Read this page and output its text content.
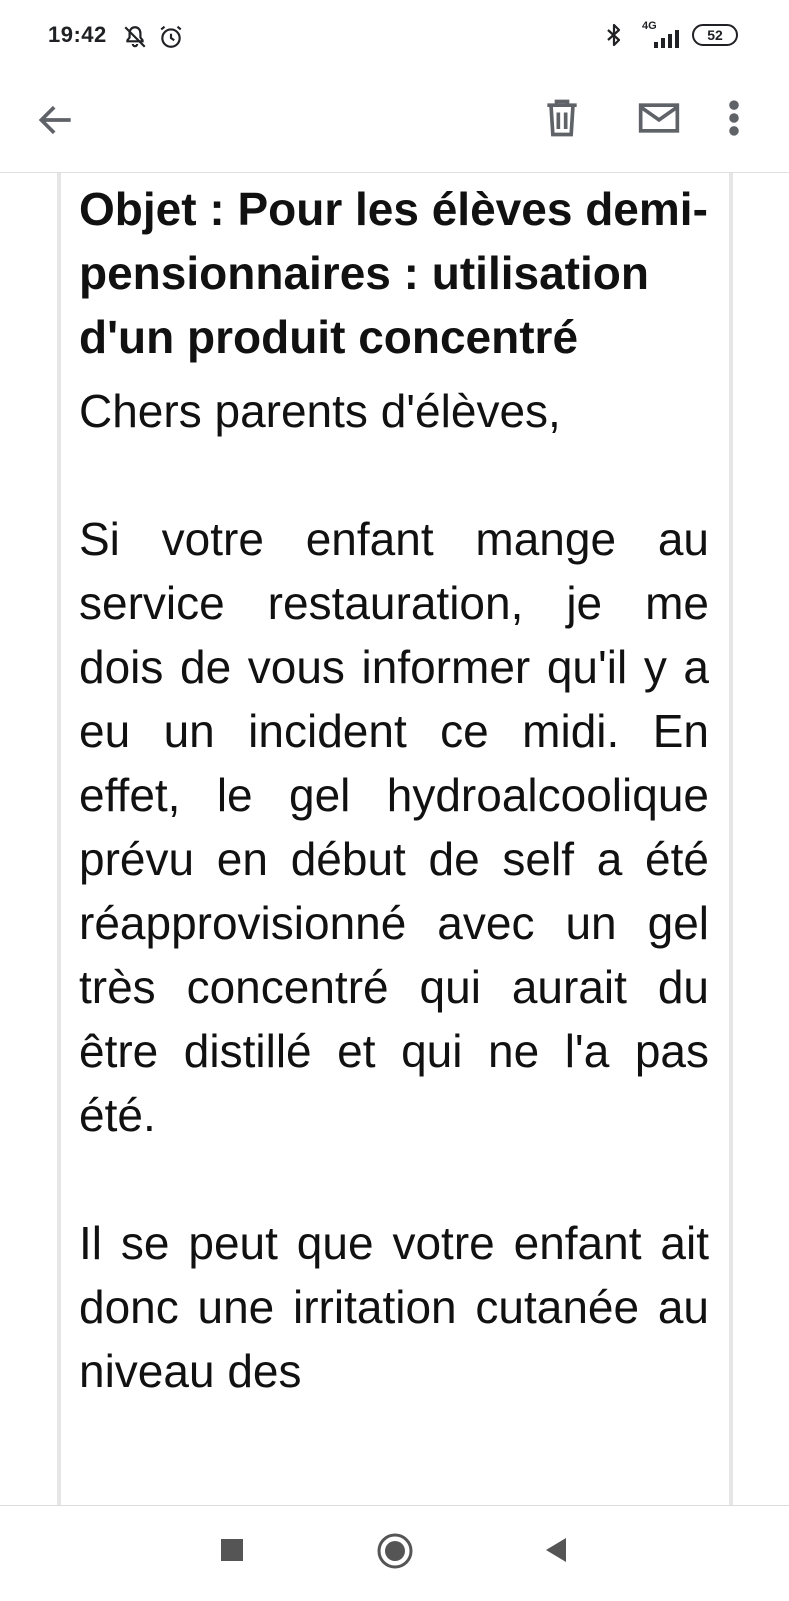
19:42	4G
52
Objet : Pour les élèves demi-pensionnaires : utilisation d'un produit concentré

Chers parents d'élèves,

Si votre enfant mange au service restauration, je me dois de vous informer qu'il y a eu un incident ce midi. En effet, le gel hydroalcoolique prévu en début de self a été réapprovisionné avec un gel très concentré qui aurait du être distillé et qui ne l'a pas été.

Il se peut que votre enfant ait donc une irritation cutanée au niveau des
